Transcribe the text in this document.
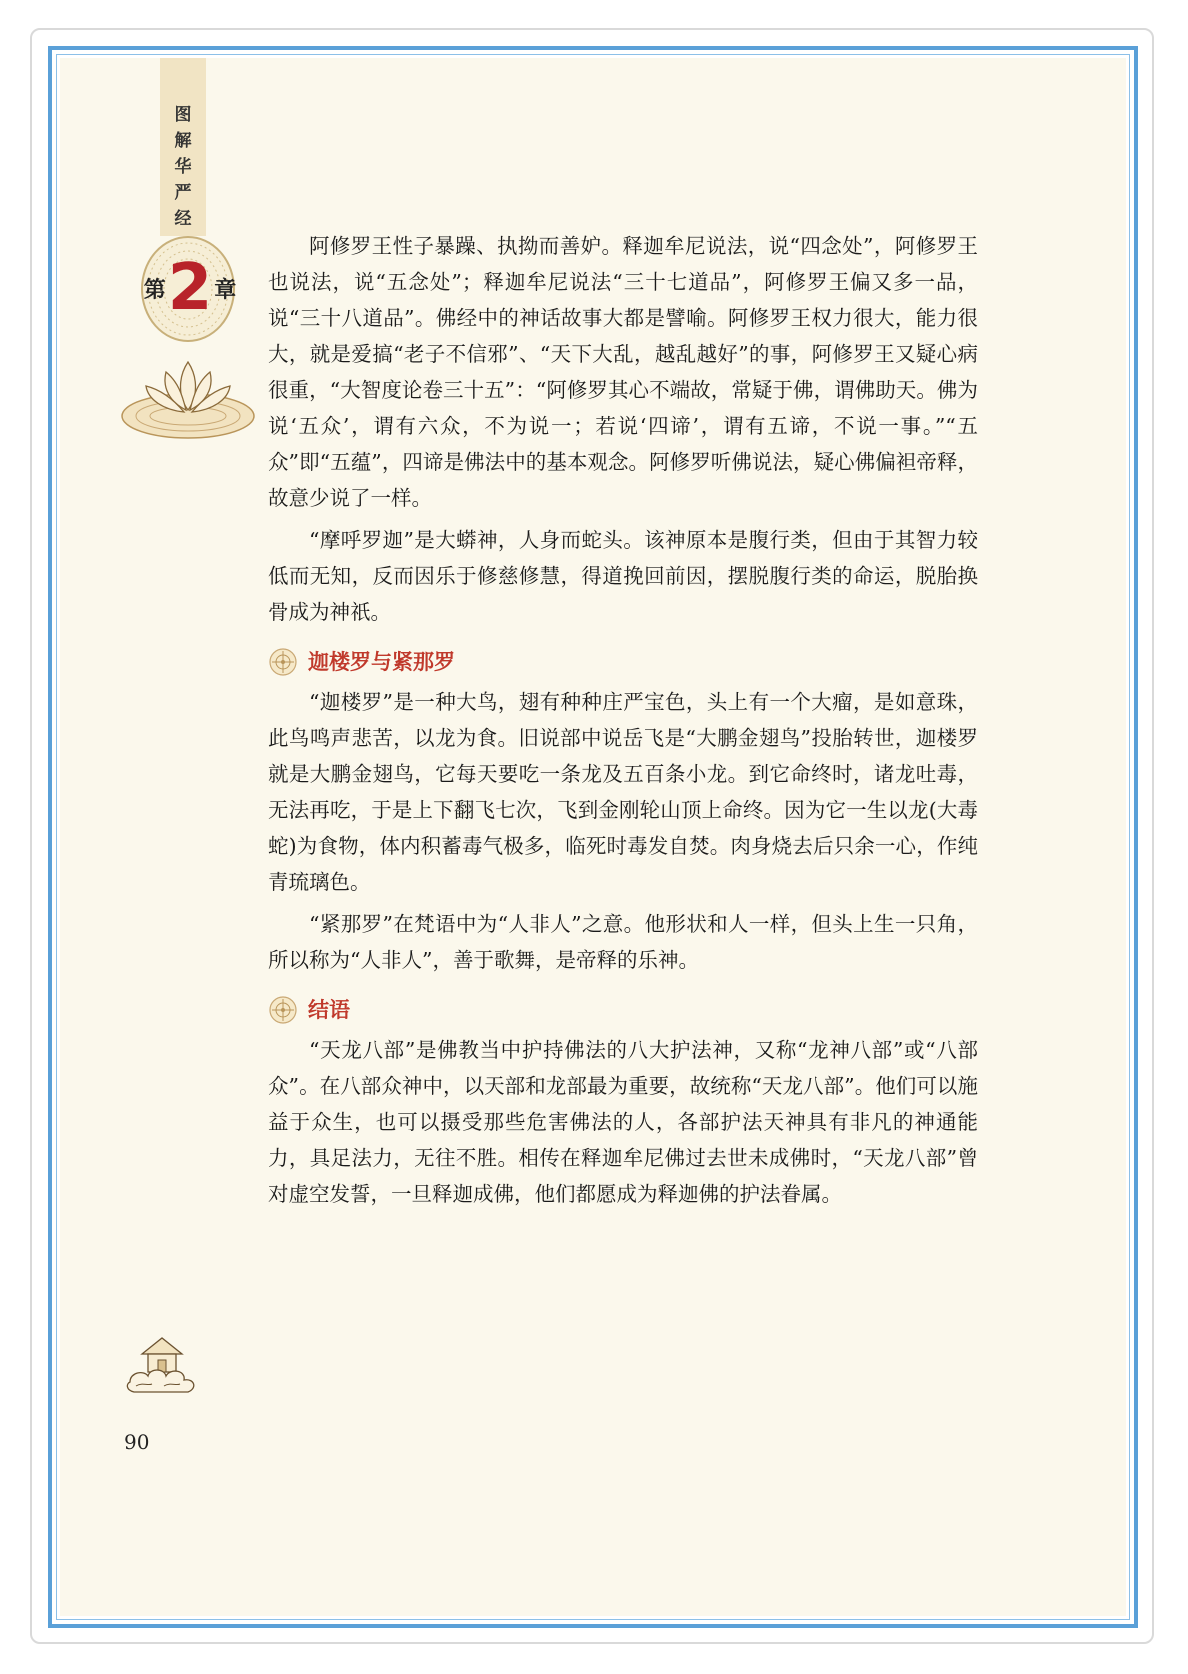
图
解
华
严
经
第 2 章

阿修罗王性子暴躁、执拗而善妒。释迦牟尼说法，说“四念处”，阿修罗王也说法，说“五念处”；释迦牟尼说法“三十七道品”，阿修罗王偏又多一品，说“三十八道品”。佛经中的神话故事大都是譬喻。阿修罗王权力很大，能力很大，就是爱搞“老子不信邪”、“天下大乱，越乱越好”的事，阿修罗王又疑心病很重，“大智度论卷三十五”：“阿修罗其心不端故，常疑于佛，谓佛助天。佛为说‘五众’，谓有六众，不为说一；若说‘四谛’，谓有五谛，不说一事。”“五众”即“五蕴”，四谛是佛法中的基本观念。阿修罗听佛说法，疑心佛偏袒帝释，故意少说了一样。

“摩呼罗迦”是大蟒神，人身而蛇头。该神原本是腹行类，但由于其智力较低而无知，反而因乐于修慈修慧，得道挽回前因，摆脱腹行类的命运，脱胎换骨成为神祇。

迦楼罗与紧那罗

“迦楼罗”是一种大鸟，翅有种种庄严宝色，头上有一个大瘤，是如意珠，此鸟鸣声悲苦，以龙为食。旧说部中说岳飞是“大鹏金翅鸟”投胎转世，迦楼罗就是大鹏金翅鸟，它每天要吃一条龙及五百条小龙。到它命终时，诸龙吐毒，无法再吃，于是上下翻飞七次，飞到金刚轮山顶上命终。因为它一生以龙(大毒蛇)为食物，体内积蓄毒气极多，临死时毒发自焚。肉身烧去后只余一心，作纯青琉璃色。

“紧那罗”在梵语中为“人非人”之意。他形状和人一样，但头上生一只角，所以称为“人非人”，善于歌舞，是帝释的乐神。

结语

“天龙八部”是佛教当中护持佛法的八大护法神，又称“龙神八部”或“八部众”。在八部众神中，以天部和龙部最为重要，故统称“天龙八部”。他们可以施益于众生，也可以摄受那些危害佛法的人，各部护法天神具有非凡的神通能力，具足法力，无往不胜。相传在释迦牟尼佛过去世未成佛时，“天龙八部”曾对虚空发誓，一旦释迦成佛，他们都愿成为释迦佛的护法眷属。

90
